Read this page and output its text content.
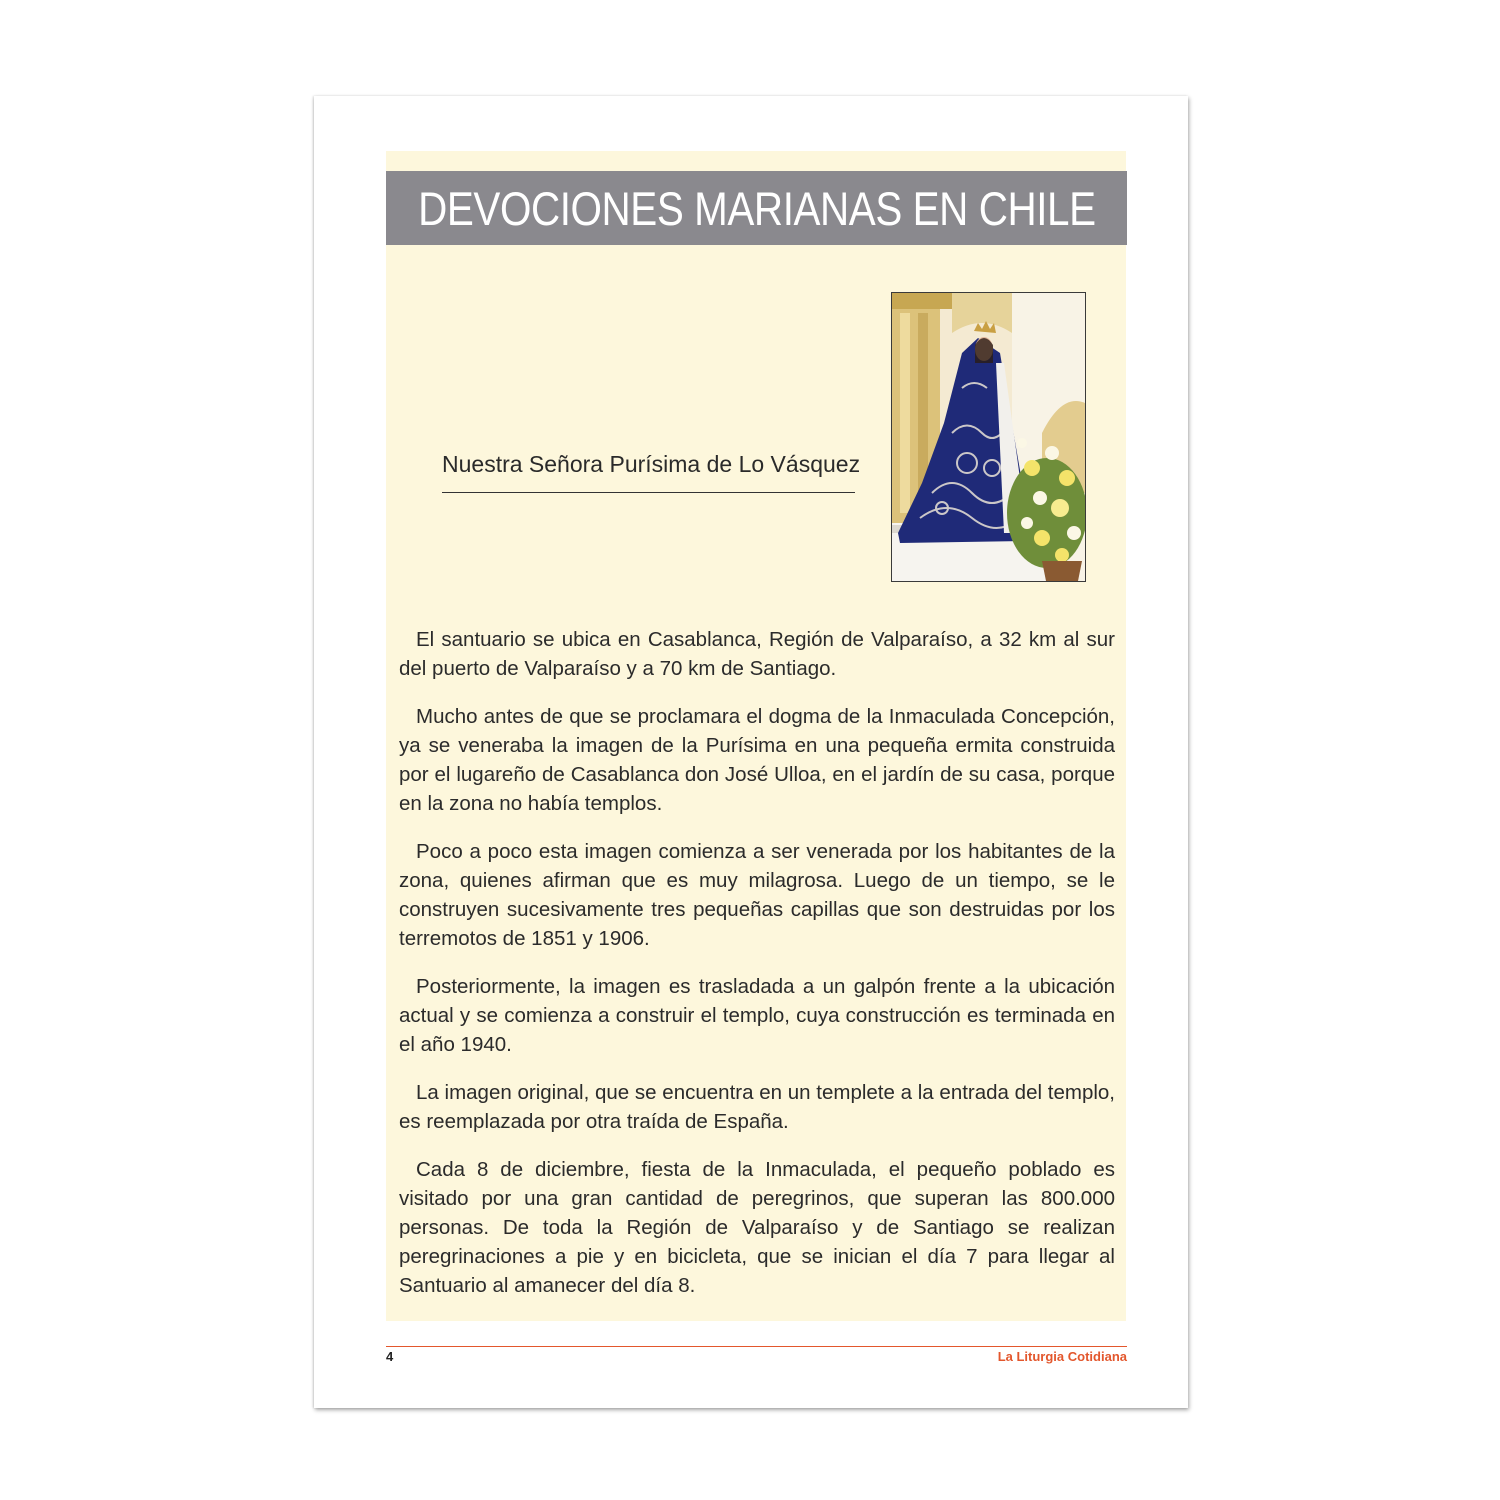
DEVOCIONES MARIANAS EN CHILE
Nuestra Señora Purísima de Lo Vásquez

El santuario se ubica en Casablanca, Región de Valparaíso, a 32 km al sur del puerto de Valparaíso y a 70 km de Santiago.

Mucho antes de que se proclamara el dogma de la Inmaculada Concepción, ya se veneraba la imagen de la Purísima en una pequeña ermita construida por el lugareño de Casablanca don José Ulloa, en el jardín de su casa, porque en la zona no había templos.

Poco a poco esta imagen comienza a ser venerada por los habitantes de la zona, quienes afirman que es muy milagrosa. Luego de un tiempo, se le construyen sucesivamente tres pequeñas capillas que son destruidas por los terremotos de 1851 y 1906.

Posteriormente, la imagen es trasladada a un galpón frente a la ubicación actual y se comienza a construir el templo, cuya construcción es terminada en el año 1940.

La imagen original, que se encuentra en un templete a la entrada del templo, es reemplazada por otra traída de España.

Cada 8 de diciembre, fiesta de la Inmaculada, el pequeño poblado es visitado por una gran cantidad de peregrinos, que superan las 800.000 personas. De toda la Región de Valparaíso y de Santiago se realizan peregrinaciones a pie y en bicicleta, que se inician el día 7 para llegar al Santuario al amanecer del día 8.

4	La Liturgia Cotidiana
